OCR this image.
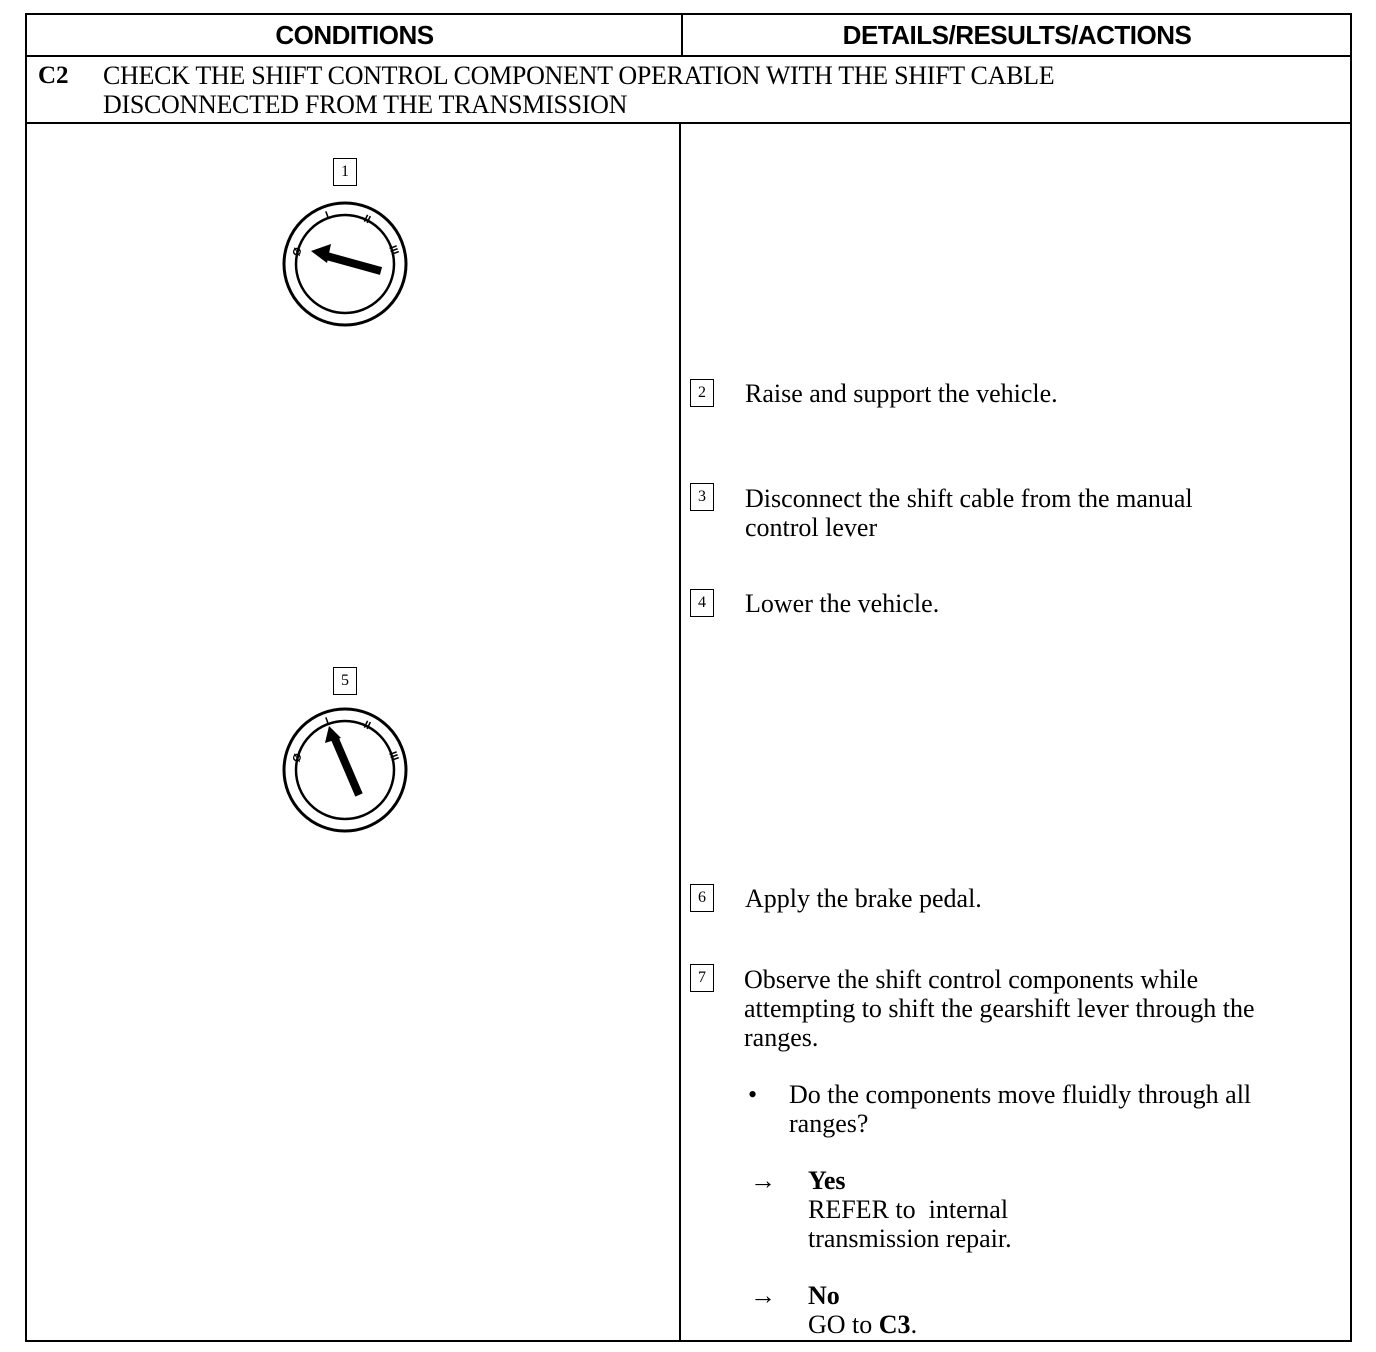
CONDITIONS	DETAILS/RESULTS/ACTIONS
C2 CHECK THE SHIFT CONTROL COMPONENT OPERATION WITH THE SHIFT CABLE
DISCONNECTED FROM THE TRANSMISSION
1
Ø
I	II
III
5
Ø
I	II
III
2	Raise and support the vehicle.
3	Disconnect the shift cable from the manual
control lever
4	Lower the vehicle.
6	Apply the brake pedal.
7	Observe the shift control components while
attempting to shift the gearshift lever through the
ranges.
• Do the components move fluidly through all
ranges?
→ Yes
REFER to  internal
transmission repair.
→ No
GO to C3.
